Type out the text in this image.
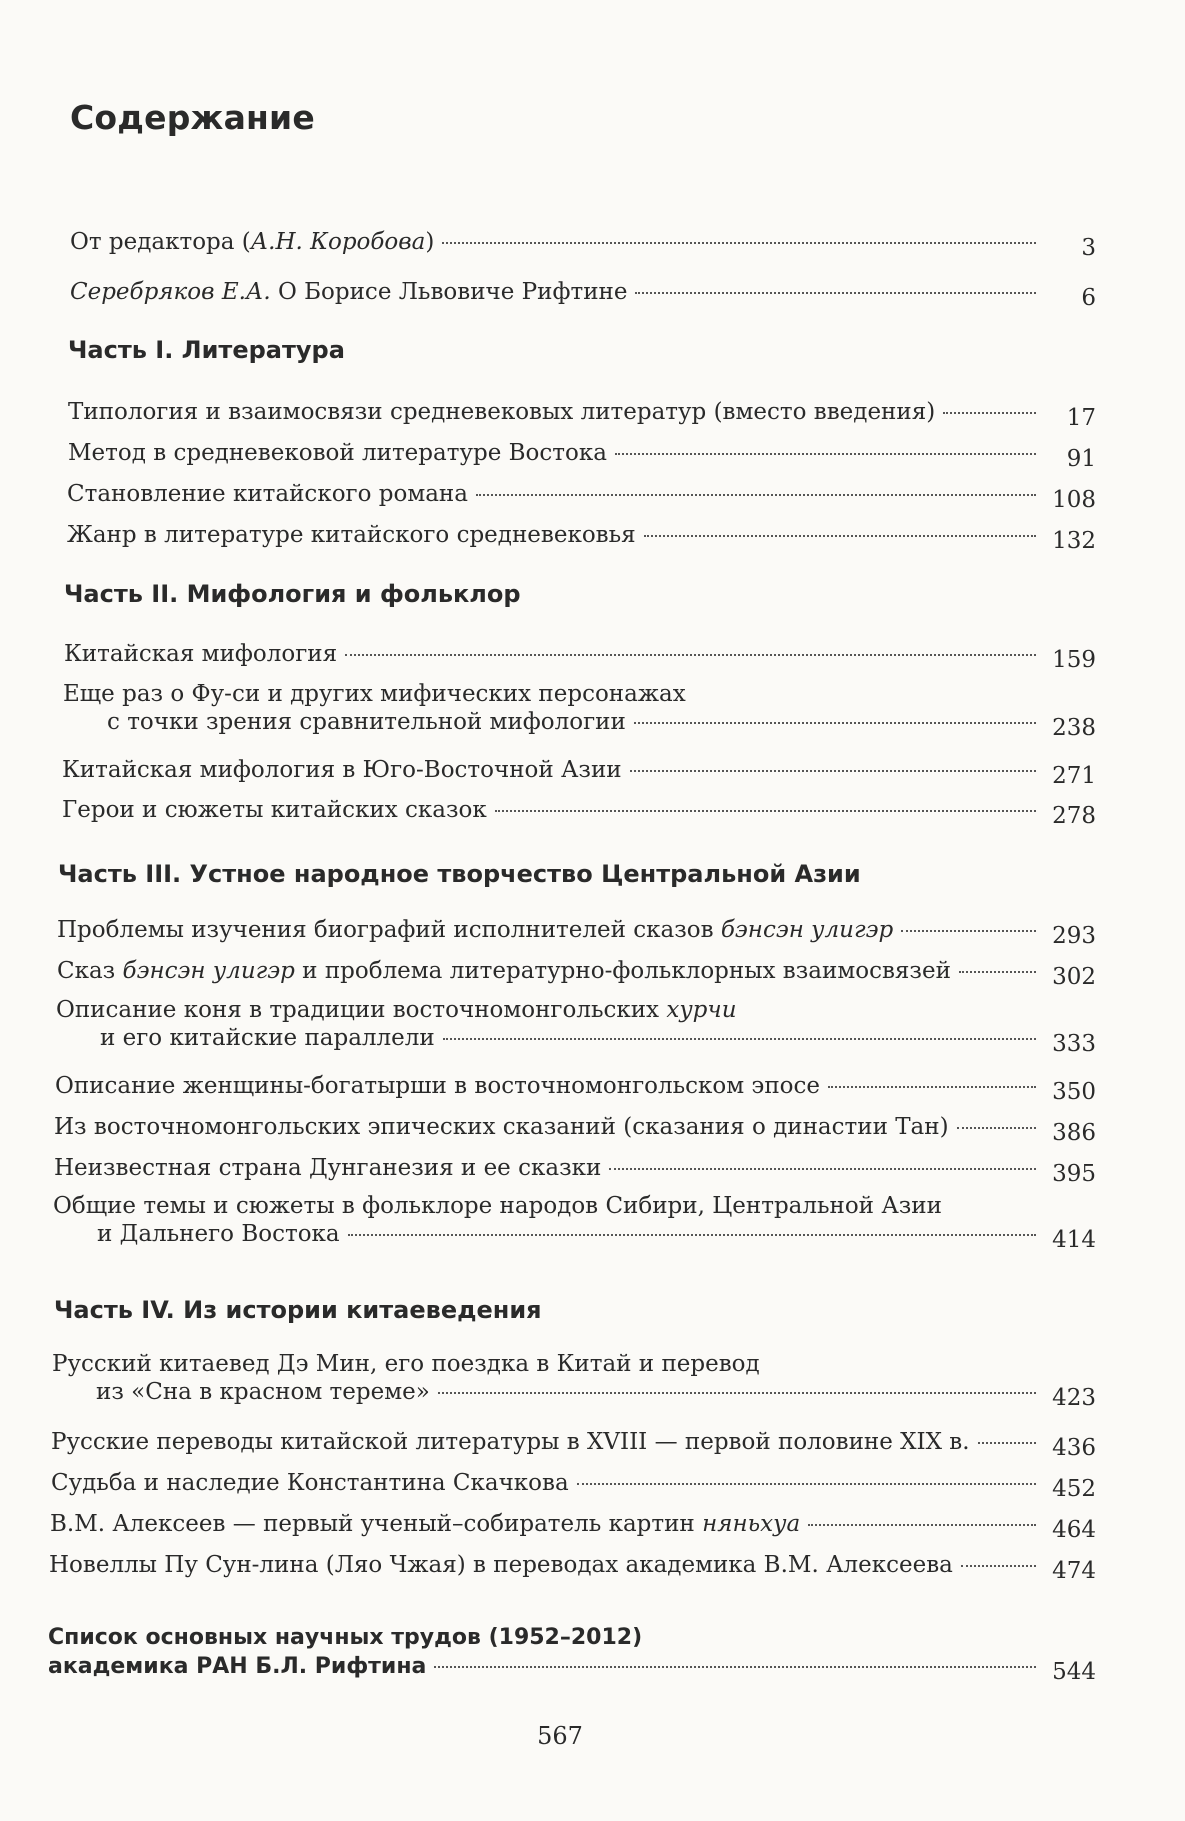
Содержание
От редактора (А.Н. Коробова)	3
Серебряков Е.А. О Борисе Львовиче Рифтине	6
Часть I. Литература
Типология и взаимосвязи средневековых литератур (вместо введения)	17
Метод в средневековой литературе Востока	91
Становление китайского романа	108
Жанр в литературе китайского средневековья	132
Часть II. Мифология и фольклор
Китайская мифология	159
Еще раз о Фу-си и других мифических персонажах
с точки зрения сравнительной мифологии	238
Китайская мифология в Юго-Восточной Азии	271
Герои и сюжеты китайских сказок	278
Часть III. Устное народное творчество Центральной Азии
Проблемы изучения биографий исполнителей сказов бэнсэн улигэр	293
Сказ бэнсэн улигэр и проблема литературно-фольклорных взаимосвязей	302
Описание коня в традиции восточномонгольских хурчи
и его китайские параллели	333
Описание женщины-богатырши в восточномонгольском эпосе	350
Из восточномонгольских эпических сказаний (сказания о династии Тан)	386
Неизвестная страна Дунганезия и ее сказки	395
Общие темы и сюжеты в фольклоре народов Сибири, Центральной Азии
и Дальнего Востока	414
Часть IV. Из истории китаеведения
Русский китаевед Дэ Мин, его поездка в Китай и перевод
из «Сна в красном тереме»	423
Русские переводы китайской литературы в XVIII — первой половине XIX в.	436
Судьба и наследие Константина Скачкова	452
В.М. Алексеев — первый ученый–собиратель картин няньхуа	464
Новеллы Пу Сун-лина (Ляо Чжая) в переводах академика В.М. Алексеева	474
Список основных научных трудов (1952–2012)
академика РАН Б.Л. Рифтина	544
567
